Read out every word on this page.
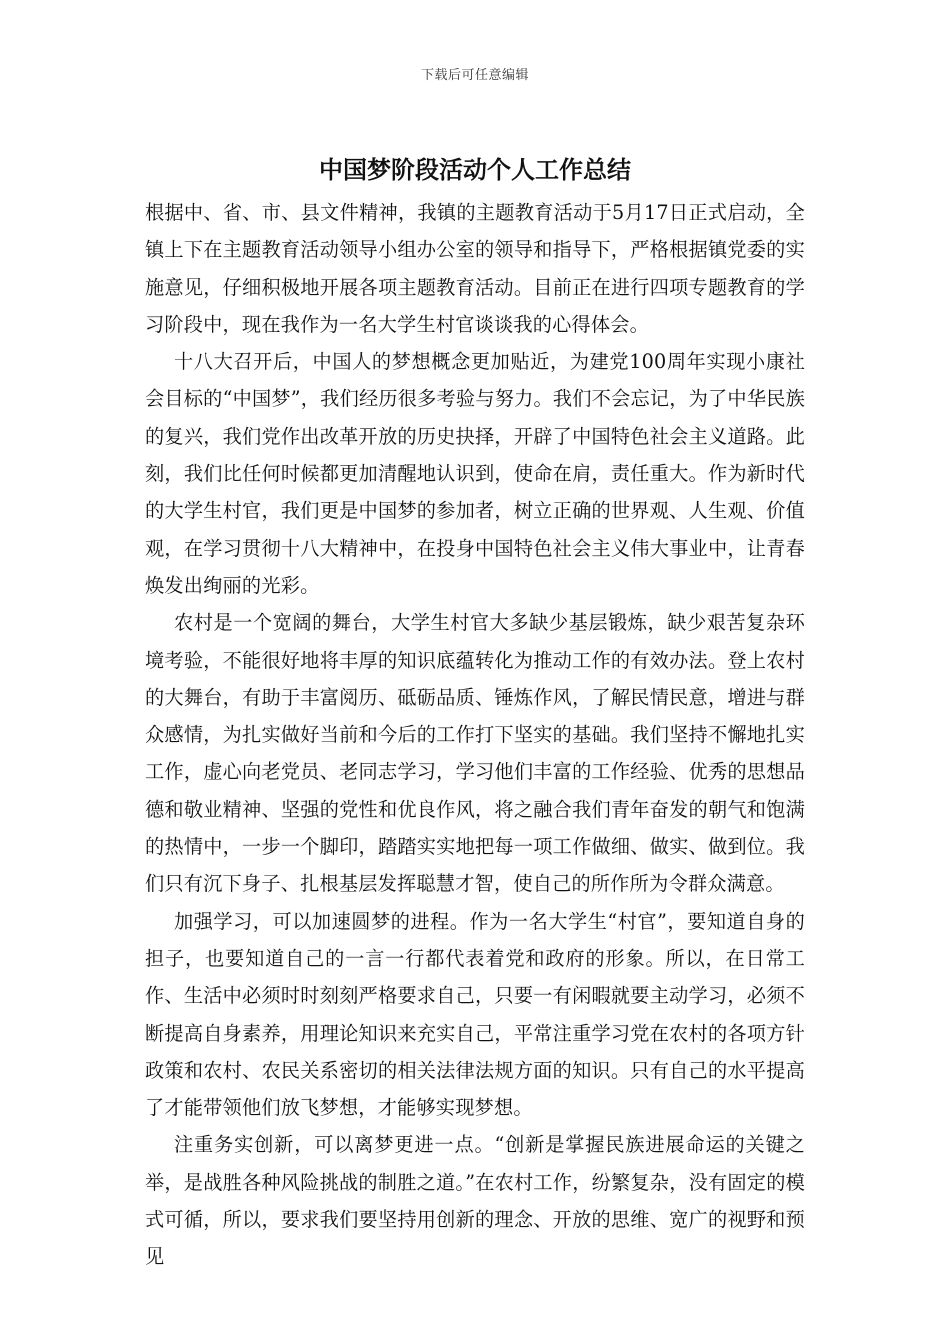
下载后可任意编辑
中国梦阶段活动个人工作总结

根据中、省、市、县文件精神，我镇的主题教育活动于5月17日正式启动，全镇上下在主题教育活动领导小组办公室的领导和指导下，严格根据镇党委的实施意见，仔细积极地开展各项主题教育活动。目前正在进行四项专题教育的学习阶段中，现在我作为一名大学生村官谈谈我的心得体会。

十八大召开后，中国人的梦想概念更加贴近，为建党100周年实现小康社会目标的“中国梦”，我们经历很多考验与努力。我们不会忘记，为了中华民族的复兴，我们党作出改革开放的历史抉择，开辟了中国特色社会主义道路。此刻，我们比任何时候都更加清醒地认识到，使命在肩，责任重大。作为新时代的大学生村官，我们更是中国梦的参加者，树立正确的世界观、人生观、价值观，在学习贯彻十八大精神中，在投身中国特色社会主义伟大事业中，让青春焕发出绚丽的光彩。

农村是一个宽阔的舞台，大学生村官大多缺少基层锻炼，缺少艰苦复杂环境考验，不能很好地将丰厚的知识底蕴转化为推动工作的有效办法。登上农村的大舞台，有助于丰富阅历、砥砺品质、锤炼作风，了解民情民意，增进与群众感情，为扎实做好当前和今后的工作打下坚实的基础。我们坚持不懈地扎实工作，虚心向老党员、老同志学习，学习他们丰富的工作经验、优秀的思想品德和敬业精神、坚强的党性和优良作风，将之融合我们青年奋发的朝气和饱满的热情中，一步一个脚印，踏踏实实地把每一项工作做细、做实、做到位。我们只有沉下身子、扎根基层发挥聪慧才智，使自己的所作所为令群众满意。

加强学习，可以加速圆梦的进程。作为一名大学生“村官”，要知道自身的担子，也要知道自己的一言一行都代表着党和政府的形象。所以，在日常工作、生活中必须时时刻刻严格要求自己，只要一有闲暇就要主动学习，必须不断提高自身素养，用理论知识来充实自己，平常注重学习党在农村的各项方针政策和农村、农民关系密切的相关法律法规方面的知识。只有自己的水平提高了才能带领他们放飞梦想，才能够实现梦想。

注重务实创新，可以离梦更进一点。“创新是掌握民族进展命运的关键之举，是战胜各种风险挑战的制胜之道。”在农村工作，纷繁复杂，没有固定的模式可循，所以，要求我们要坚持用创新的理念、开放的思维、宽广的视野和预见
